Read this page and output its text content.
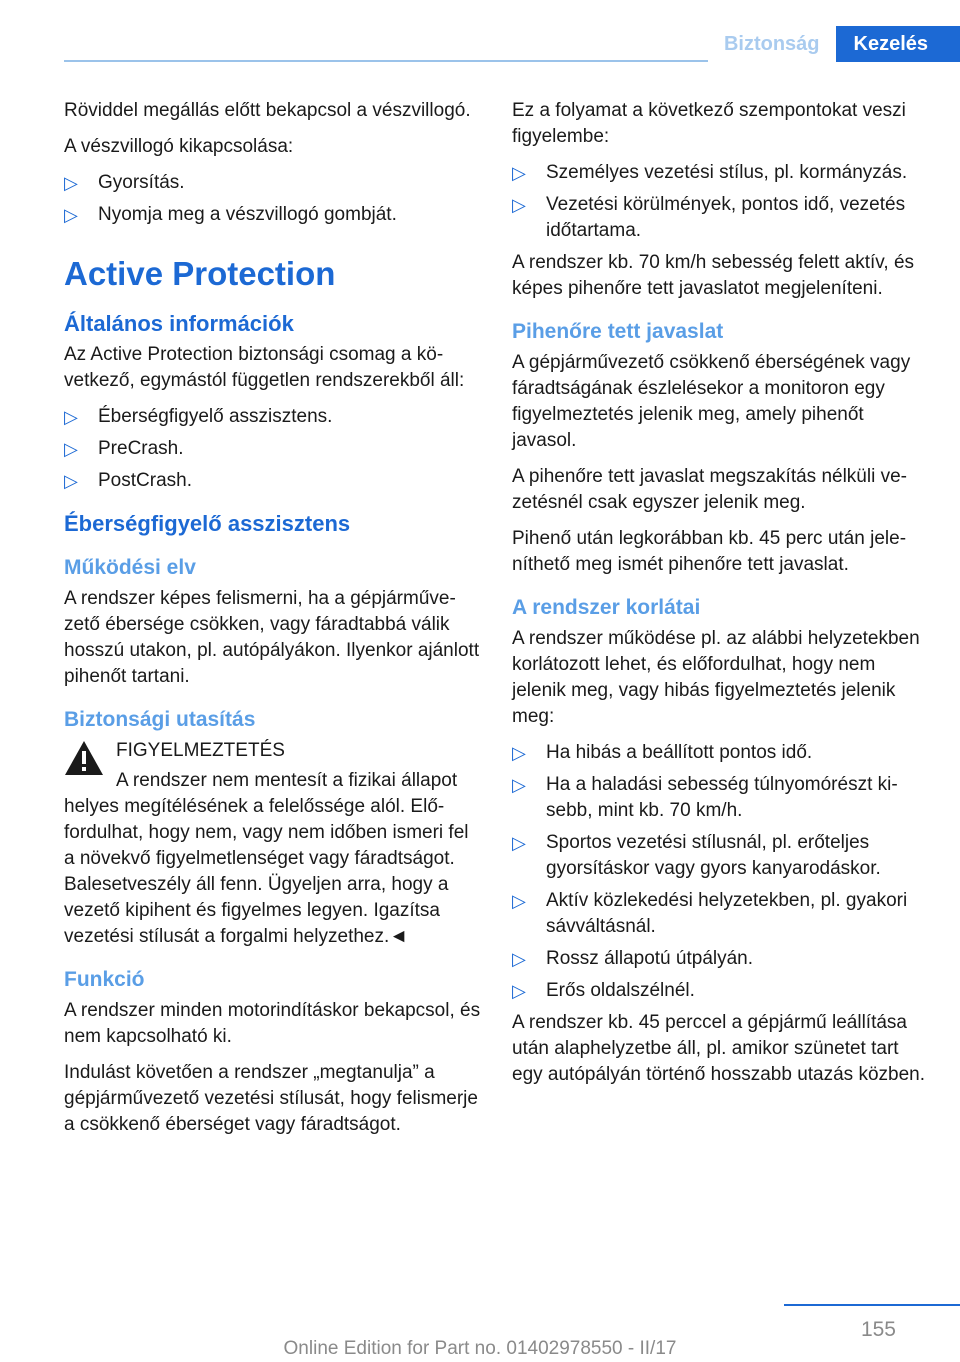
Biztonság	Kezelés

Röviddel megállás előtt bekapcsol a vészvillogó.

A vészvillogó kikapcsolása:

▷ Gyorsítás.
▷ Nyomja meg a vészvillogó gombját.
Active Protection
Általános információk

Az Active Protection biztonsági csomag a következő, egymástól független rendszerekből áll:

▷ Éberségfigyelő asszisztens.
▷ PreCrash.
▷ PostCrash.
Éberségfigyelő asszisztens
Működési elv

A rendszer képes felismerni, ha a gépjárművezető ébersége csökken, vagy fáradtabbá válik hosszú utakon, pl. autópályákon. Ilyenkor ajánlott pihenőt tartani.

Biztonsági utasítás

FIGYELMEZTETÉS

A rendszer nem mentesít a fizikai állapot helyes megítélésének a felelőssége alól. Előfordulhat, hogy nem, vagy nem időben ismeri fel a növekvő figyelmetlenséget vagy fáradtságot. Balesetveszély áll fenn. Ügyeljen arra, hogy a vezető kipihent és figyelmes legyen. Igazítsa vezetési stílusát a forgalmi helyzethez.◄

Funkció

A rendszer minden motorindításkor bekapcsol, és nem kapcsolható ki.

Indulást követően a rendszer „megtanulja” a gépjárművezető vezetési stílusát, hogy felismerje a csökkenő éberséget vagy fáradtságot.

Ez a folyamat a következő szempontokat veszi figyelembe:

▷ Személyes vezetési stílus, pl. kormányzás.
▷ Vezetési körülmények, pontos idő, vezetés időtartama.

A rendszer kb. 70 km/h sebesség felett aktív, és képes pihenőre tett javaslatot megjeleníteni.

Pihenőre tett javaslat

A gépjárművezető csökkenő éberségének vagy fáradtságának észlelésekor a monitoron egy figyelmeztetés jelenik meg, amely pihenőt javasol.

A pihenőre tett javaslat megszakítás nélküli vezetésnél csak egyszer jelenik meg.

Pihenő után legkorábban kb. 45 perc után jeleníthető meg ismét pihenőre tett javaslat.

A rendszer korlátai

A rendszer működése pl. az alábbi helyzetekben korlátozott lehet, és előfordulhat, hogy nem jelenik meg, vagy hibás figyelmeztetés jelenik meg:

▷ Ha hibás a beállított pontos idő.
▷ Ha a haladási sebesség túlnyomórészt kisebb, mint kb. 70 km/h.
▷ Sportos vezetési stílusnál, pl. erőteljes gyorsításkor vagy gyors kanyarodáskor.
▷ Aktív közlekedési helyzetekben, pl. gyakori sávváltásnál.
▷ Rossz állapotú útpályán.
▷ Erős oldalszélnél.

A rendszer kb. 45 perccel a gépjármű leállítása után alaphelyzetbe áll, pl. amikor szünetet tart egy autópályán történő hosszabb utazás közben.

155
Online Edition for Part no. 01402978550 - II/17
